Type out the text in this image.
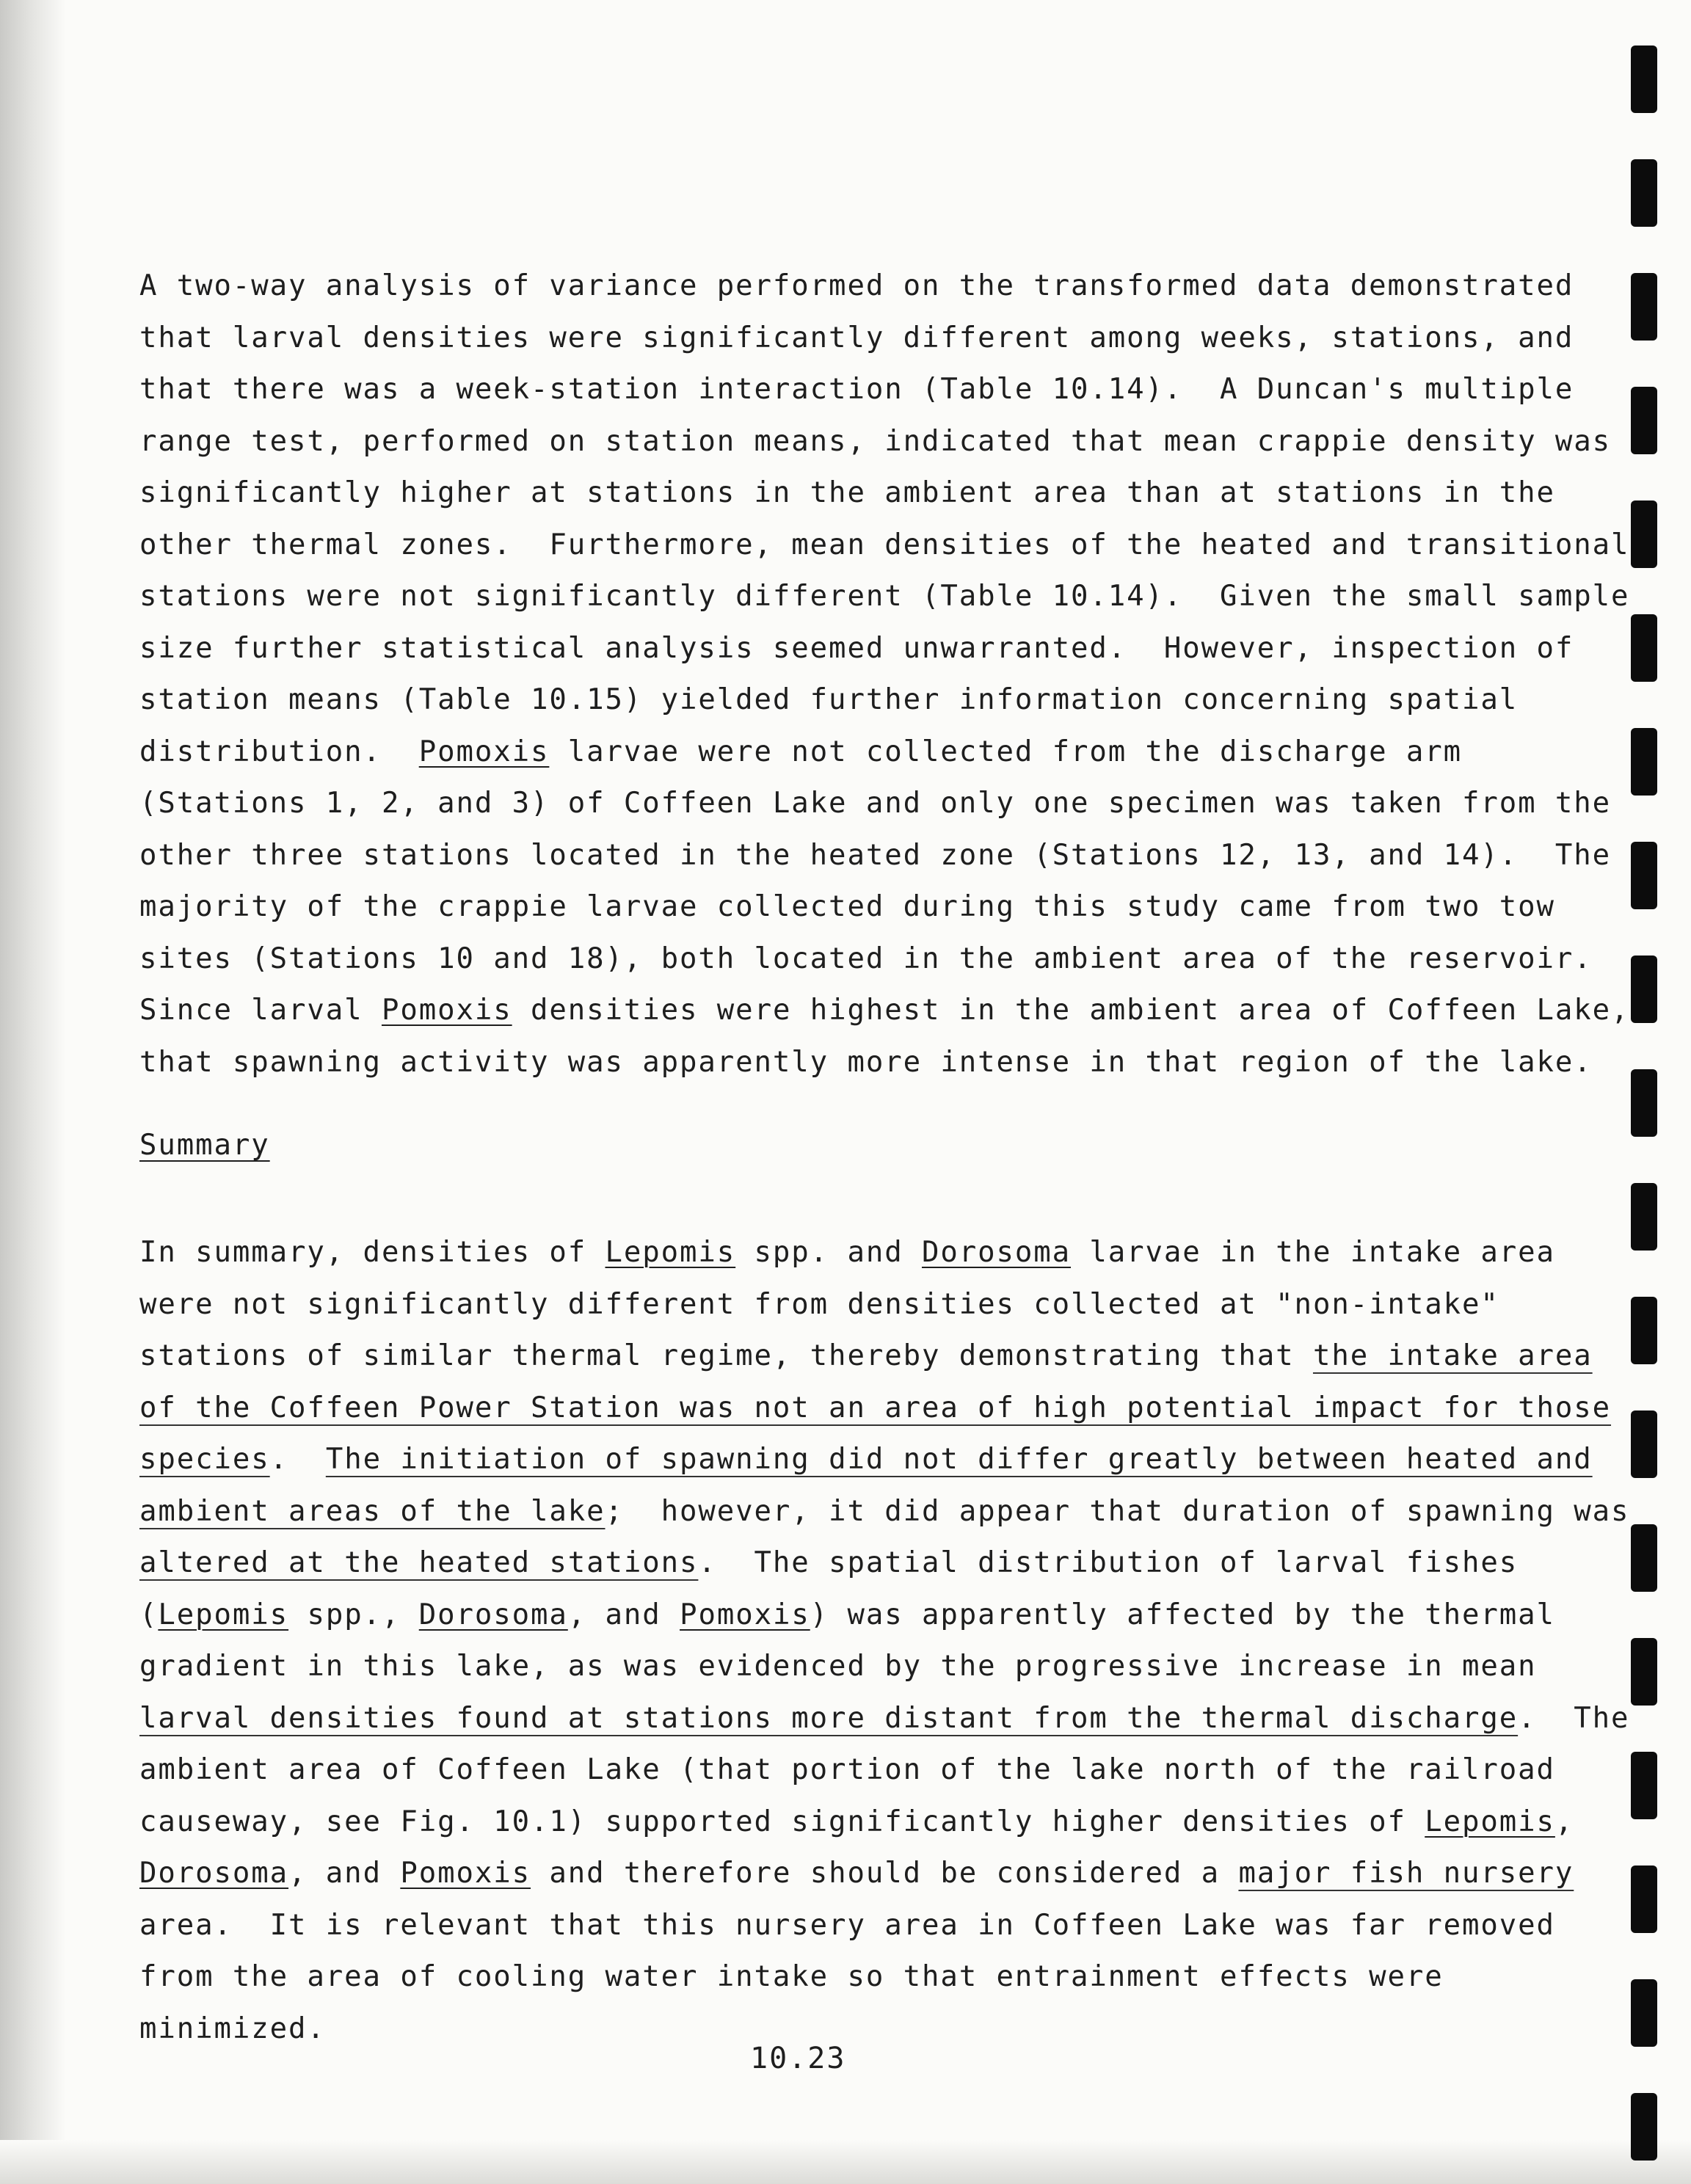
A two-way analysis of variance performed on the transformed data demonstrated
that larval densities were significantly different among weeks, stations, and
that there was a week-station interaction (Table 10.14).  A Duncan's multiple
range test, performed on station means, indicated that mean crappie density was
significantly higher at stations in the ambient area than at stations in the
other thermal zones.  Furthermore, mean densities of the heated and transitional
stations were not significantly different (Table 10.14).  Given the small sample
size further statistical analysis seemed unwarranted.  However, inspection of
station means (Table 10.15) yielded further information concerning spatial
distribution.  Pomoxis larvae were not collected from the discharge arm
(Stations 1, 2, and 3) of Coffeen Lake and only one specimen was taken from the
other three stations located in the heated zone (Stations 12, 13, and 14).  The
majority of the crappie larvae collected during this study came from two tow
sites (Stations 10 and 18), both located in the ambient area of the reservoir.
Since larval Pomoxis densities were highest in the ambient area of Coffeen Lake,
that spawning activity was apparently more intense in that region of the lake.
Summary
In summary, densities of Lepomis spp. and Dorosoma larvae in the intake area
were not significantly different from densities collected at "non-intake"
stations of similar thermal regime, thereby demonstrating that the intake area
of the Coffeen Power Station was not an area of high potential impact for those
species.  The initiation of spawning did not differ greatly between heated and
ambient areas of the lake;  however, it did appear that duration of spawning was
altered at the heated stations.  The spatial distribution of larval fishes
(Lepomis spp., Dorosoma, and Pomoxis) was apparently affected by the thermal
gradient in this lake, as was evidenced by the progressive increase in mean
larval densities found at stations more distant from the thermal discharge.  The
ambient area of Coffeen Lake (that portion of the lake north of the railroad
causeway, see Fig. 10.1) supported significantly higher densities of Lepomis,
Dorosoma, and Pomoxis and therefore should be considered a major fish nursery
area.  It is relevant that this nursery area in Coffeen Lake was far removed
from the area of cooling water intake so that entrainment effects were
minimized.
10.23
